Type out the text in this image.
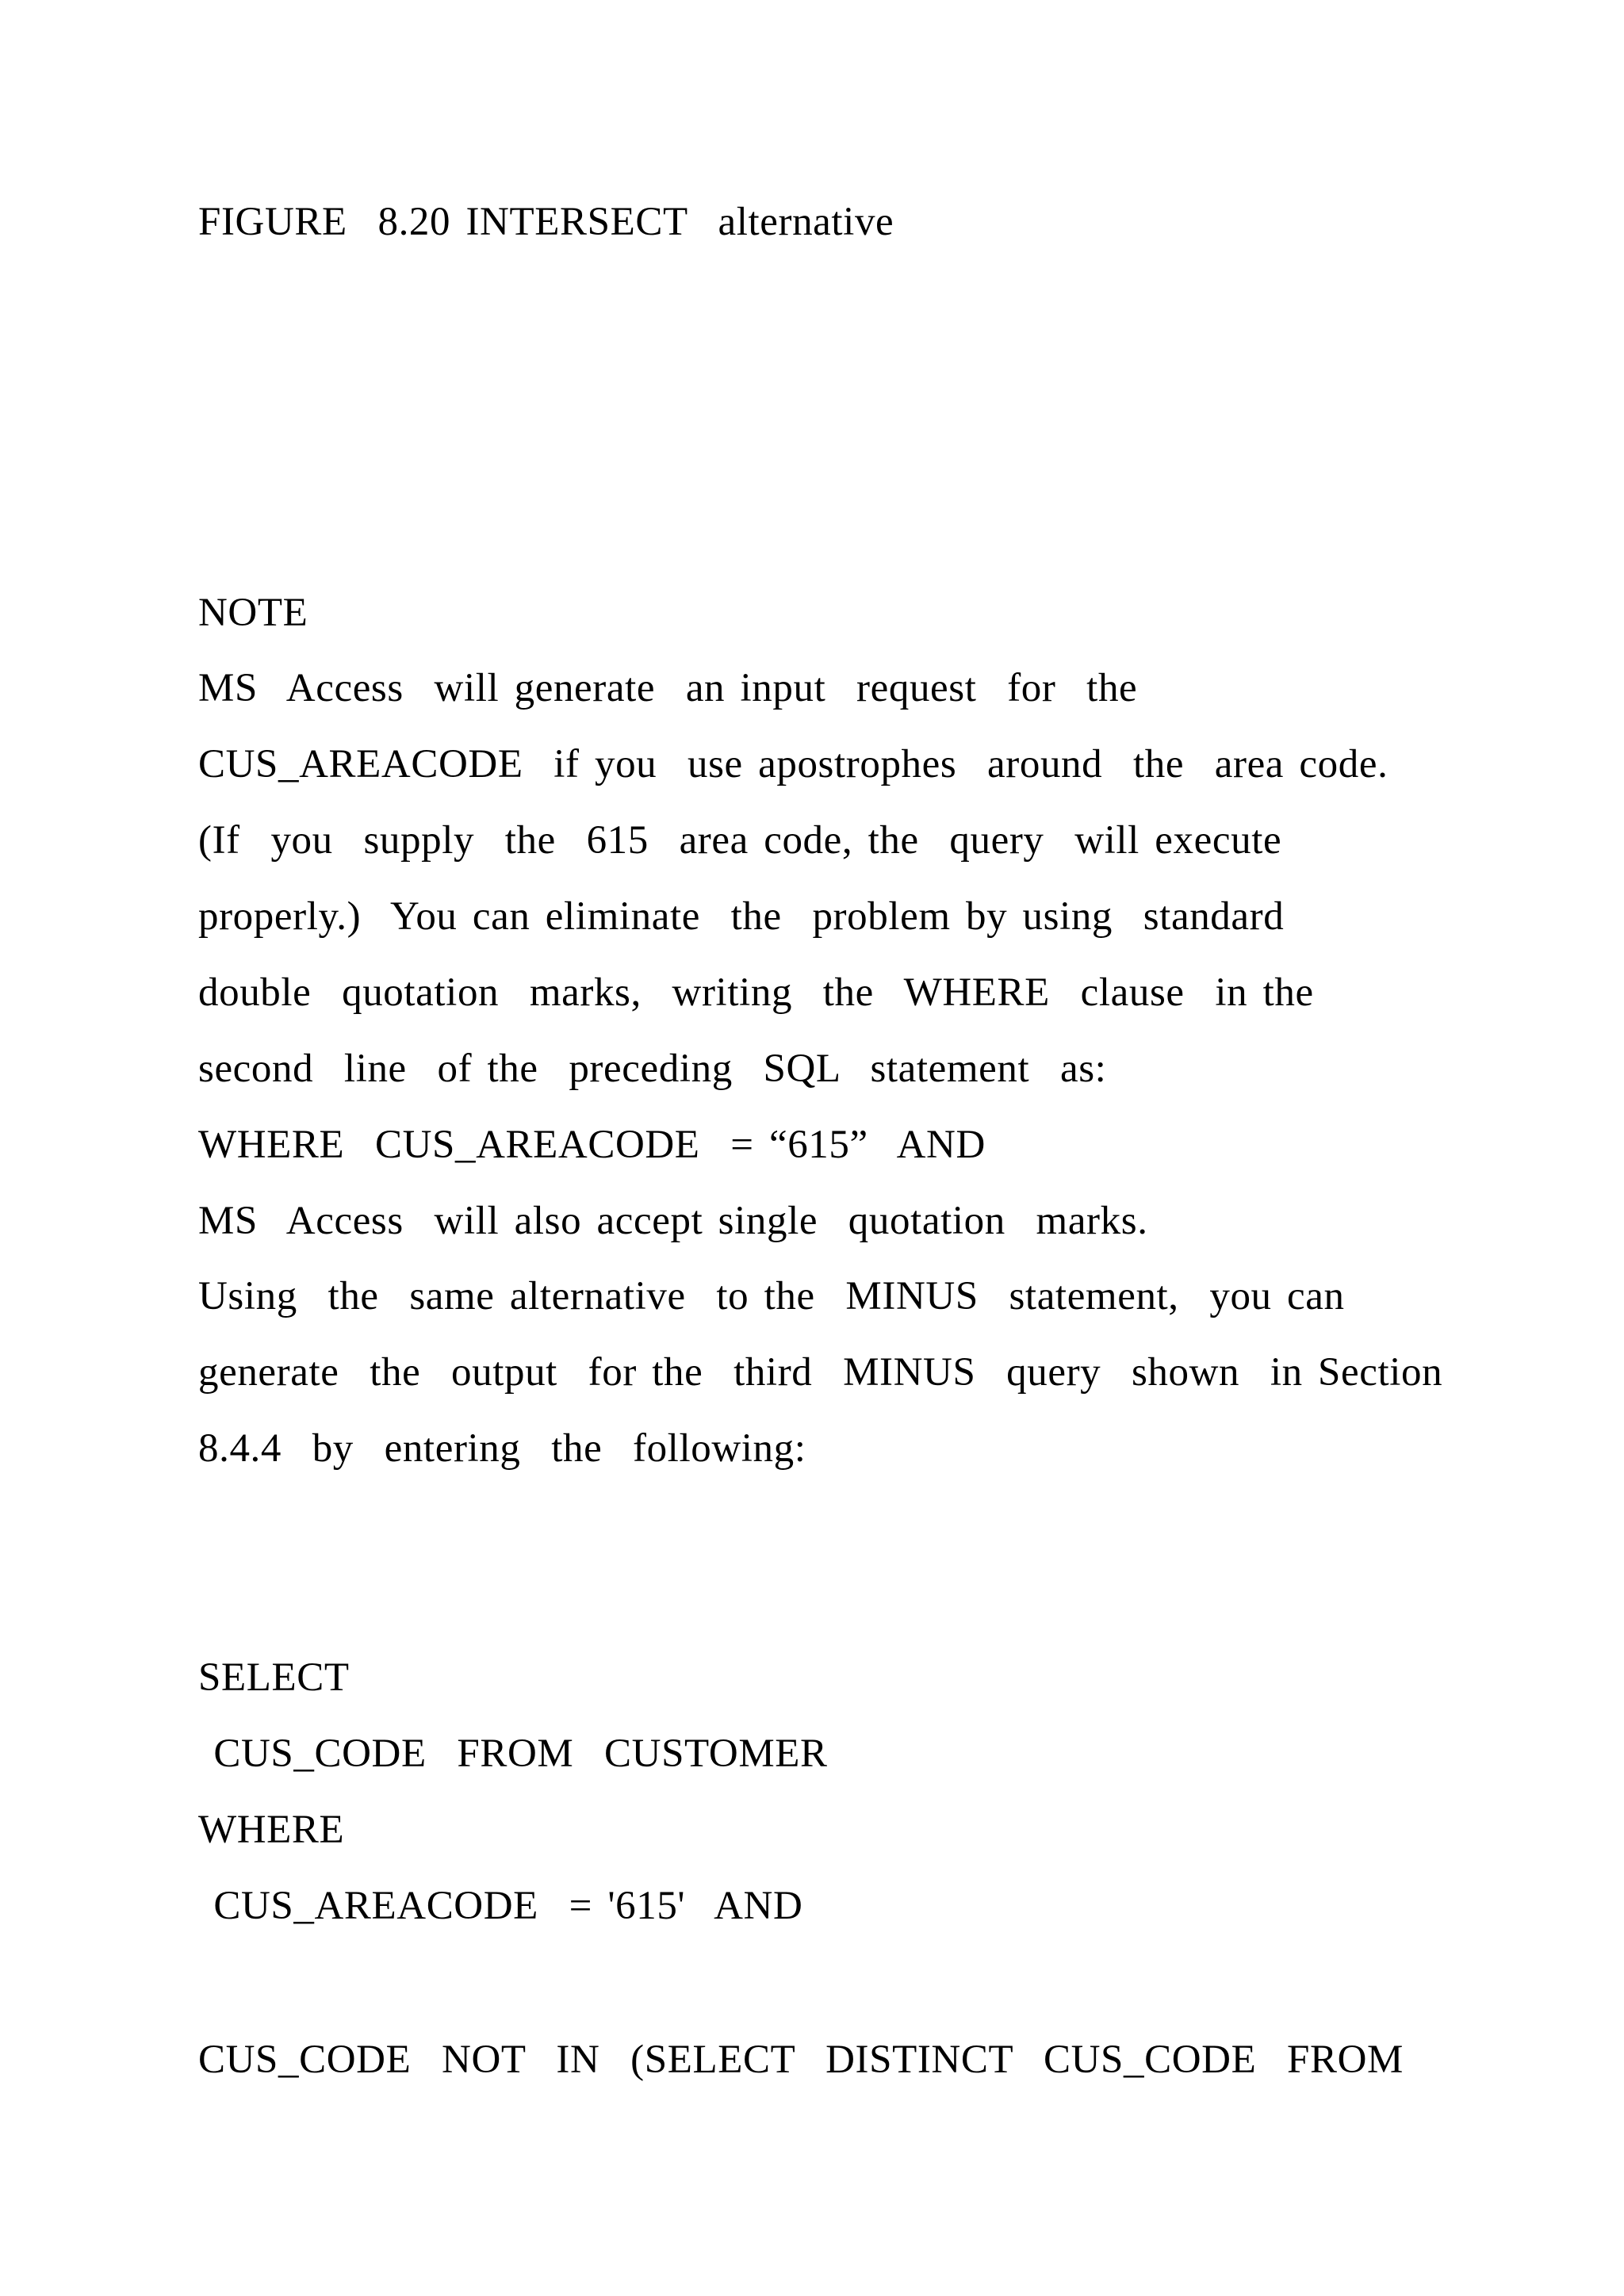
FIGURE  8.20 INTERSECT  alternative
NOTE
MS  Access  will generate  an input  request  for  the
CUS_AREACODE  if you  use apostrophes  around  the  area code.
(If  you  supply  the  615  area code, the  query  will execute
properly.)  You can eliminate  the  problem by using  standard
double  quotation  marks,  writing  the  WHERE  clause  in the
second  line  of the  preceding  SQL  statement  as:
WHERE  CUS_AREACODE  = “615”  AND
MS  Access  will also accept single  quotation  marks.
Using  the  same alternative  to the  MINUS  statement,  you can
generate  the  output  for the  third  MINUS  query  shown  in Section
8.4.4  by  entering  the  following:
SELECT
CUS_CODE  FROM  CUSTOMER
WHERE
CUS_AREACODE  = '615'  AND
CUS_CODE  NOT  IN  (SELECT  DISTINCT  CUS_CODE  FROM
